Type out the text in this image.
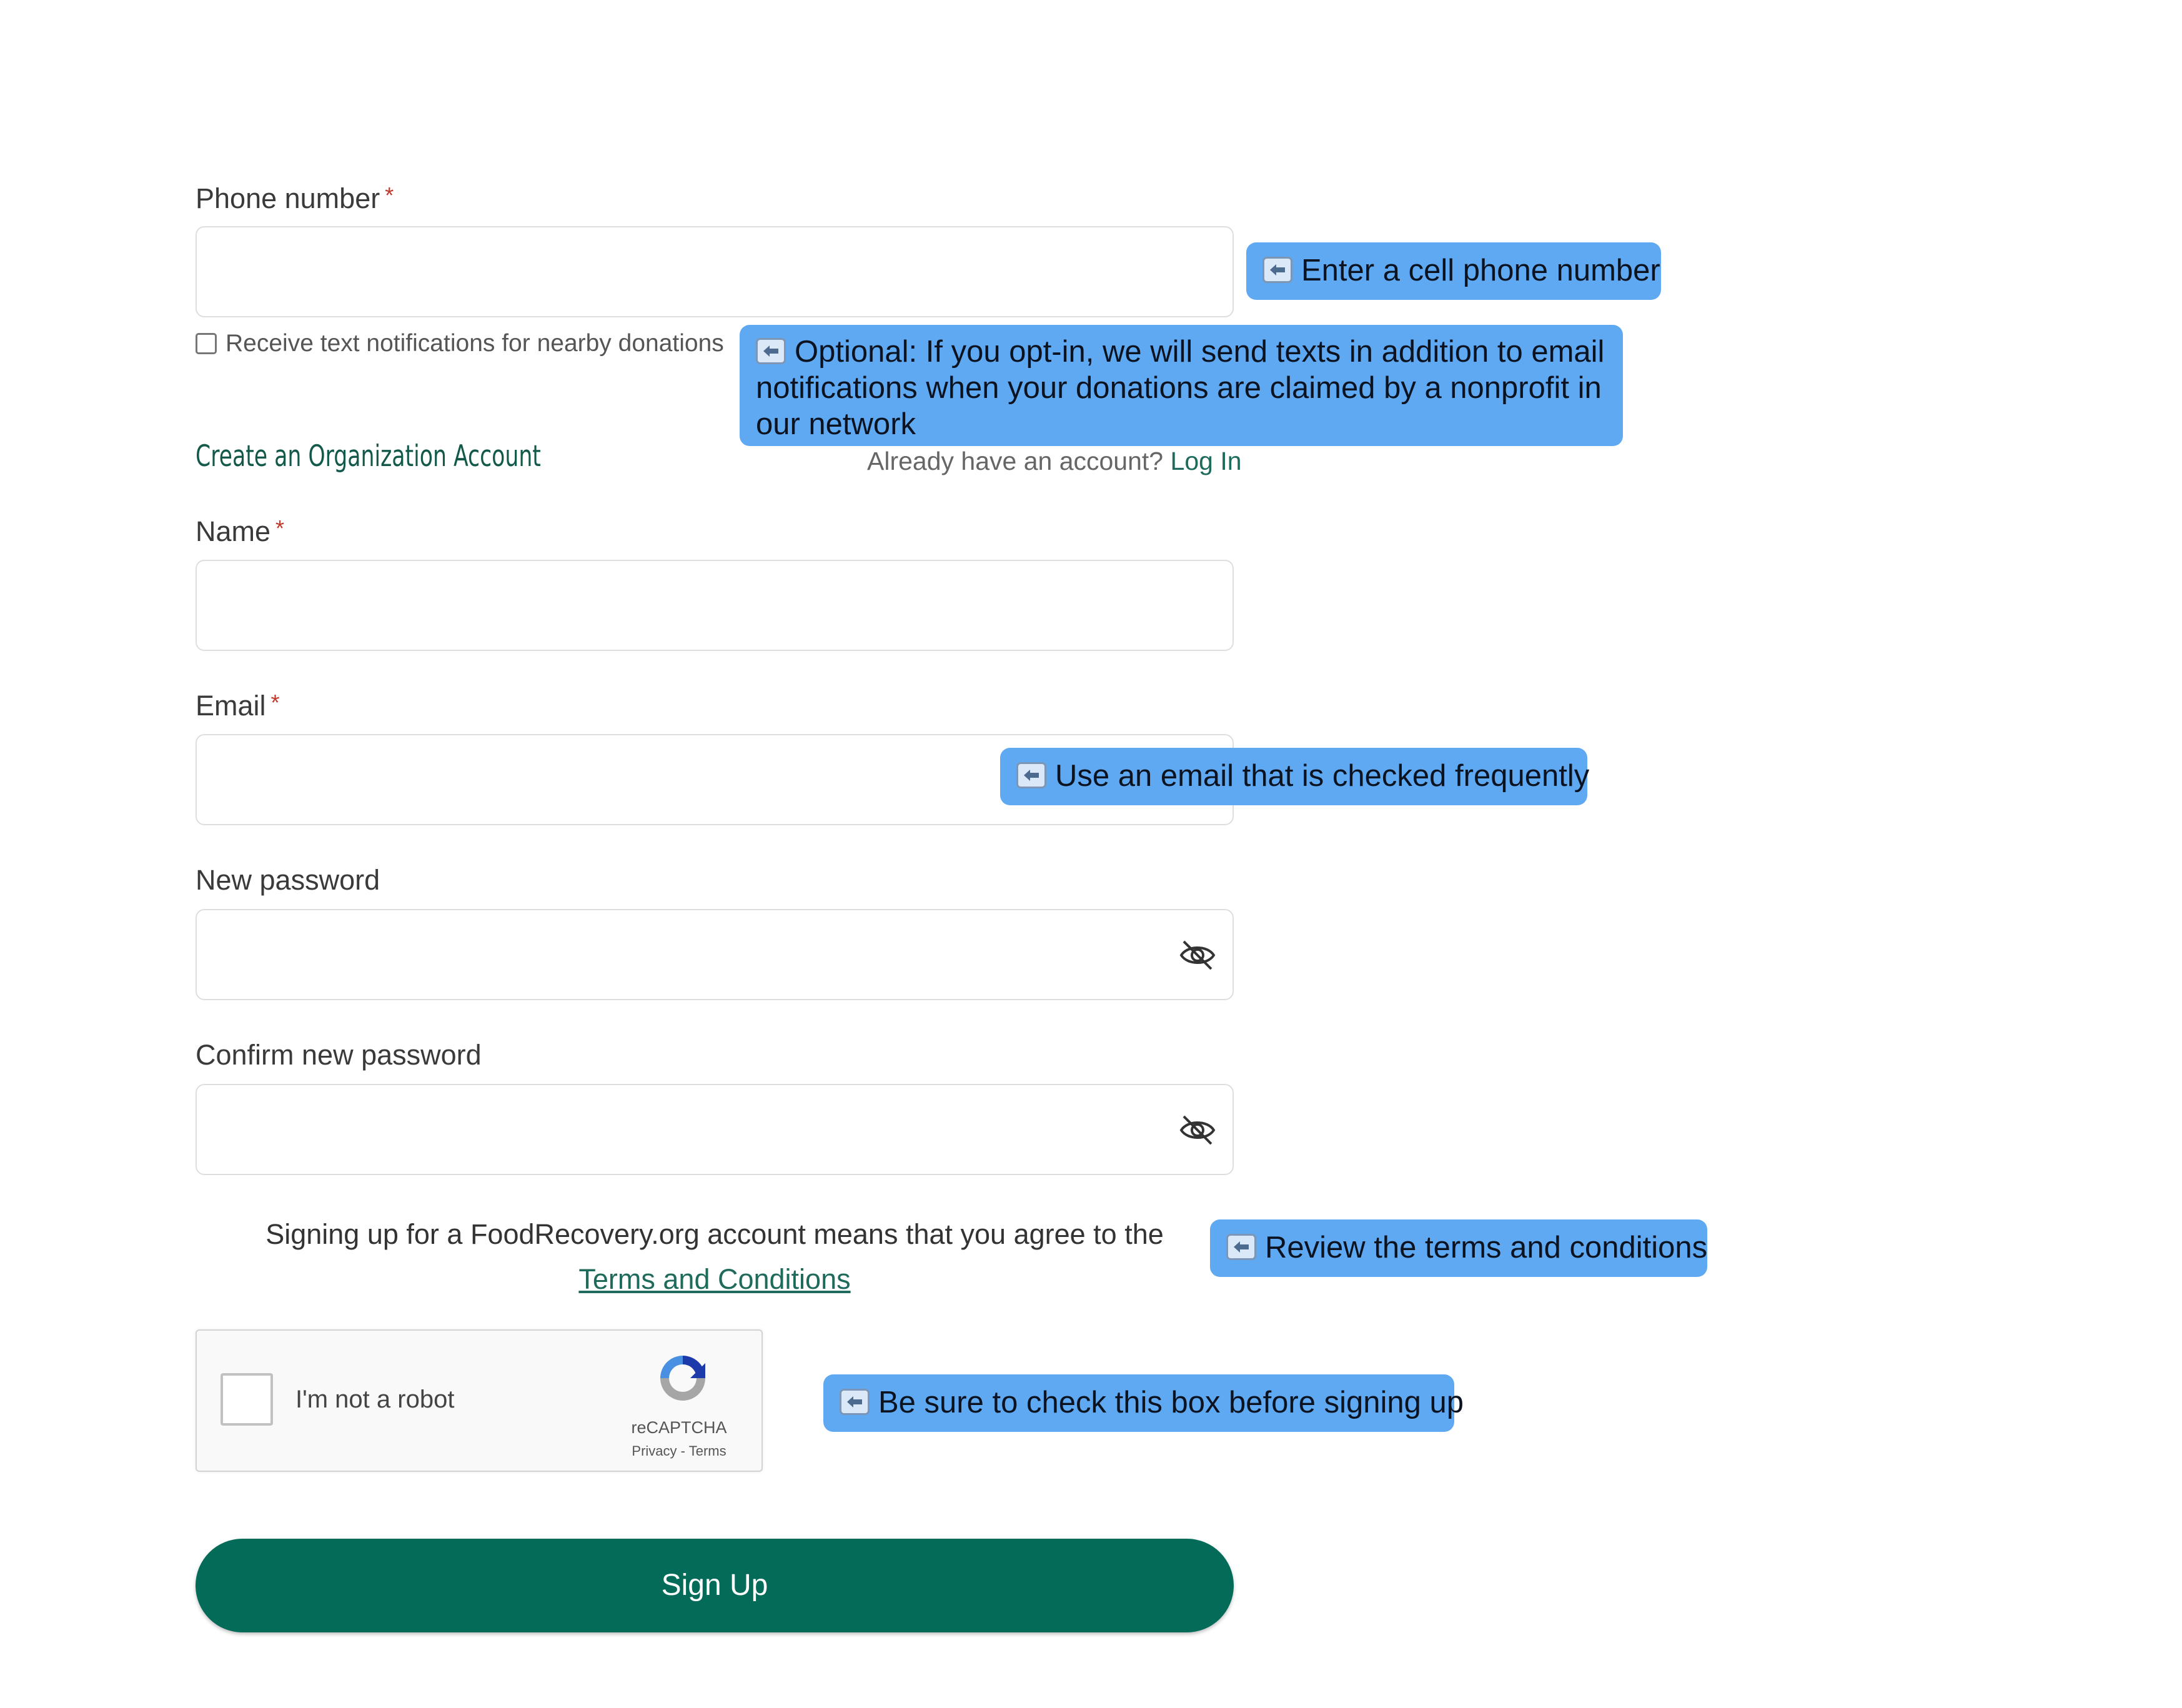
Phone number *
Receive text notifications for nearby donations
Enter a cell phone number
Optional: If you opt-in, we will send texts in addition to email notifications when your donations are claimed by a nonprofit in our network
Create an Organization Account	Already have an account? Log In
Name *
Email *
Use an email that is checked frequently
New password
Confirm new password
Signing up for a FoodRecovery.org account means that you agree to the
Terms and Conditions
Review the terms and conditions
I'm not a robot
reCAPTCHA
Privacy - Terms
Be sure to check this box before signing up
Sign Up
